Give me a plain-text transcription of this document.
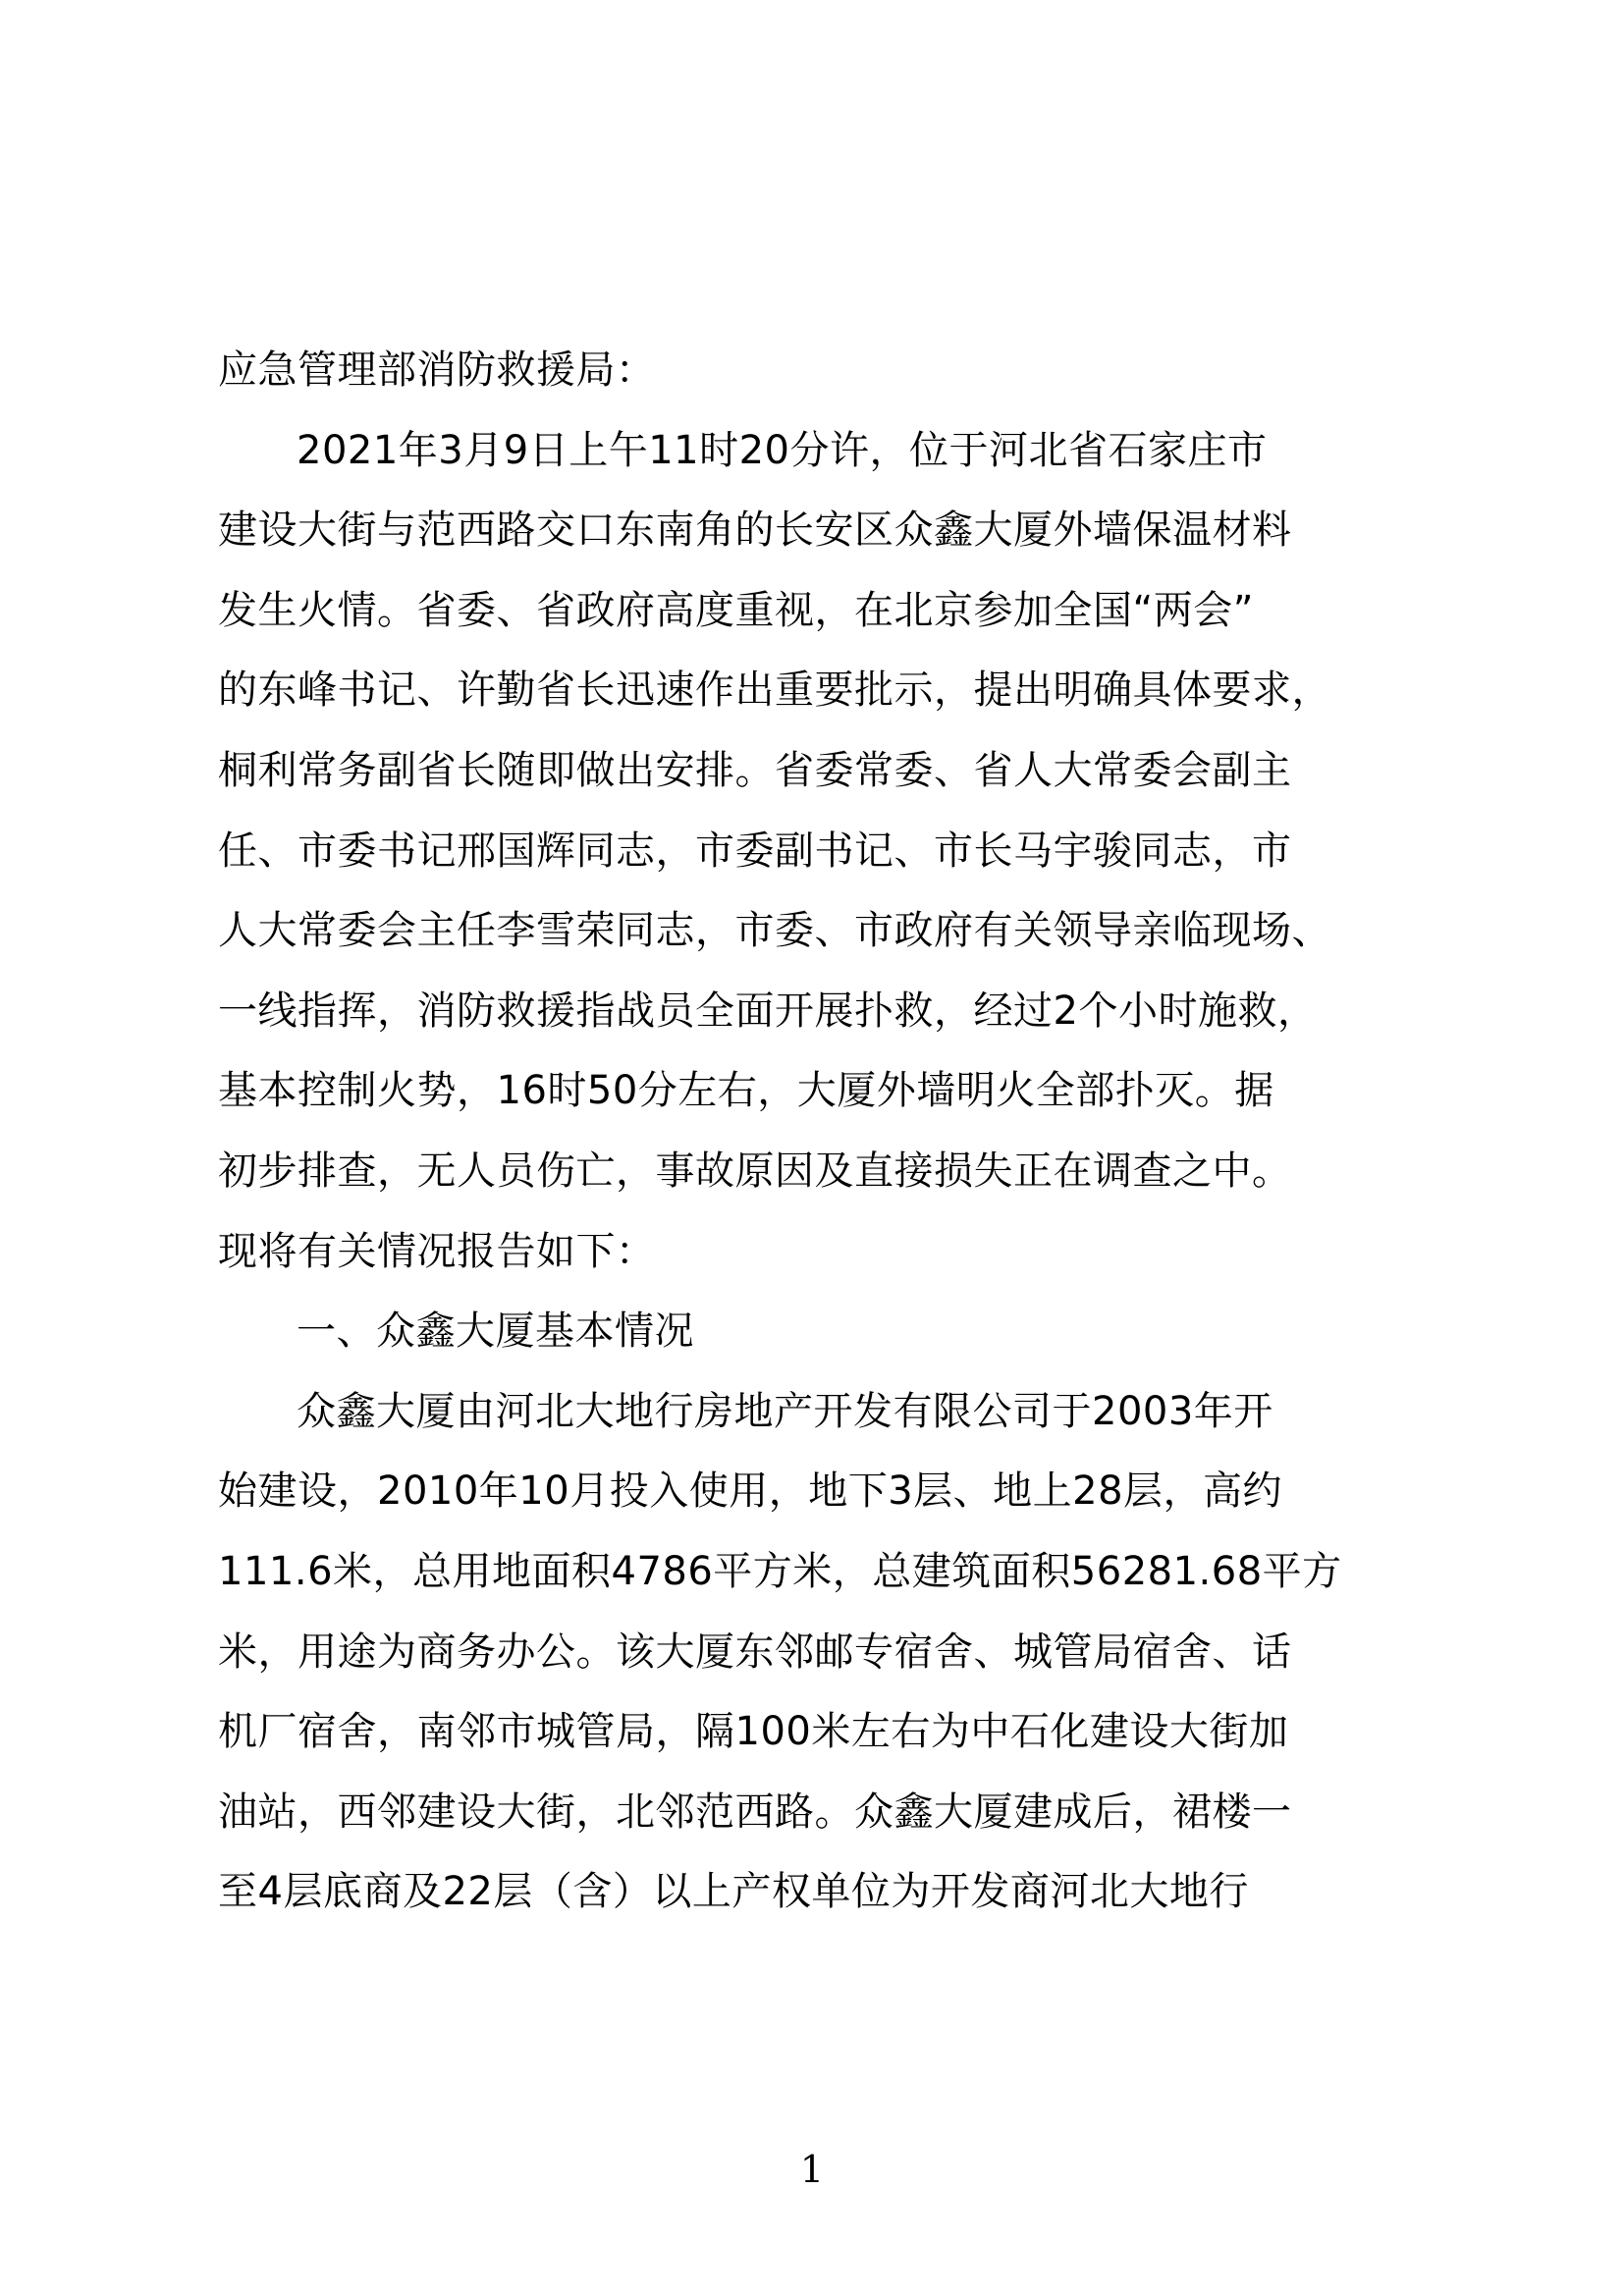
应急管理部消防救援局：
2021年3月9日上午11时20分许，位于河北省石家庄市
建设大街与范西路交口东南角的长安区众鑫大厦外墙保温材料
发生火情。省委、省政府高度重视，在北京参加全国“两会”
的东峰书记、许勤省长迅速作出重要批示，提出明确具体要求，
桐利常务副省长随即做出安排。省委常委、省人大常委会副主
任、市委书记邢国辉同志，市委副书记、市长马宇骏同志，市
人大常委会主任李雪荣同志，市委、市政府有关领导亲临现场、
一线指挥，消防救援指战员全面开展扑救，经过2个小时施救，
基本控制火势，16时50分左右，大厦外墙明火全部扑灭。据
初步排查，无人员伤亡，事故原因及直接损失正在调查之中。
现将有关情况报告如下：
一、众鑫大厦基本情况
众鑫大厦由河北大地行房地产开发有限公司于2003年开
始建设，2010年10月投入使用，地下3层、地上28层，高约
111.6米，总用地面积4786平方米，总建筑面积56281.68平方
米，用途为商务办公。该大厦东邻邮专宿舍、城管局宿舍、话
机厂宿舍，南邻市城管局，隔100米左右为中石化建设大街加
油站，西邻建设大街，北邻范西路。众鑫大厦建成后，裙楼一
至4层底商及22层（含）以上产权单位为开发商河北大地行
1
